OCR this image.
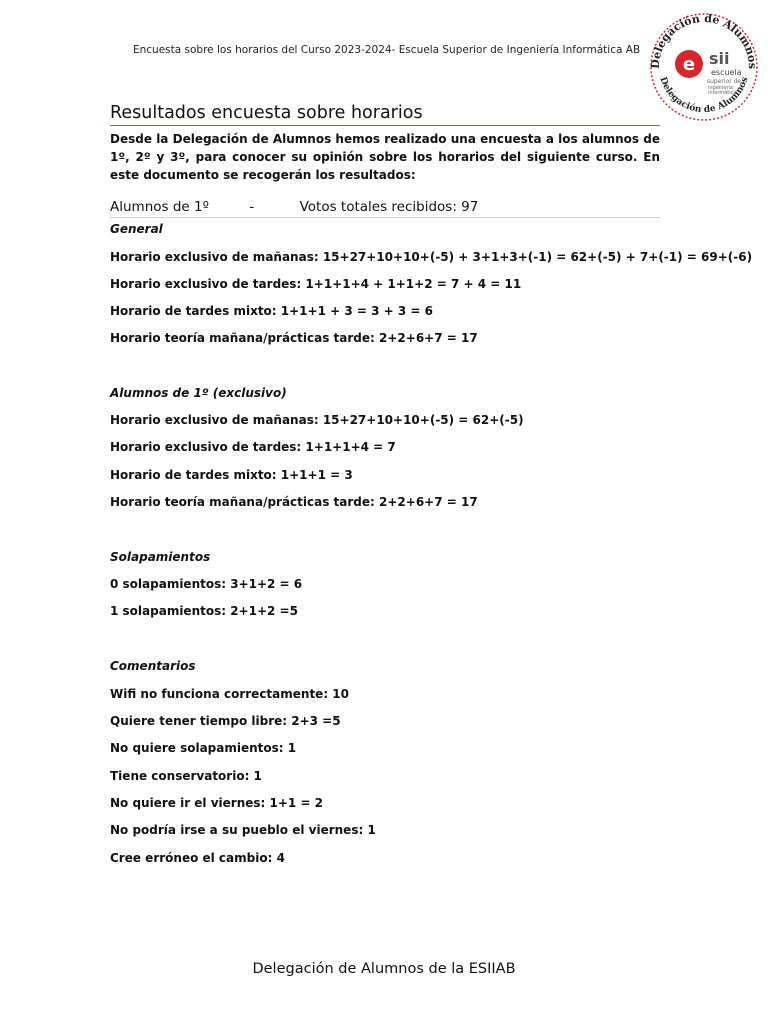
Encuesta sobre los horarios del Curso 2023-2024- Escuela Superior de Ingeniería Informática AB
Delegación de Alumnos
Delegación de Alumnos
e sii
escuela
superior de
ingeniería
informática
Resultados encuesta sobre horarios
Desde la Delegación de Alumnos hemos realizado una encuesta a los alumnos de 1º, 2º y 3º, para conocer su opinión sobre los horarios del siguiente curso. En este documento se recogerán los resultados:
Alumnos de 1º	-	Votos totales recibidos: 97
General
Horario exclusivo de mañanas: 15+27+10+10+(-5) + 3+1+3+(-1) = 62+(-5) + 7+(-1) = 69+(-6)
Horario exclusivo de tardes: 1+1+1+4 + 1+1+2 = 7 + 4 = 11
Horario de tardes mixto: 1+1+1 + 3 = 3 + 3 = 6
Horario teoría mañana/prácticas tarde: 2+2+6+7 = 17
Alumnos de 1º (exclusivo)
Horario exclusivo de mañanas: 15+27+10+10+(-5) = 62+(-5)
Horario exclusivo de tardes: 1+1+1+4 = 7
Horario de tardes mixto: 1+1+1 = 3
Horario teoría mañana/prácticas tarde: 2+2+6+7 = 17
Solapamientos
0 solapamientos: 3+1+2 = 6
1 solapamientos: 2+1+2 =5
Comentarios
Wifi no funciona correctamente: 10
Quiere tener tiempo libre: 2+3 =5
No quiere solapamientos: 1
Tiene conservatorio: 1
No quiere ir el viernes: 1+1 = 2
No podría irse a su pueblo el viernes: 1
Cree erróneo el cambio: 4
Delegación de Alumnos de la ESIIAB
